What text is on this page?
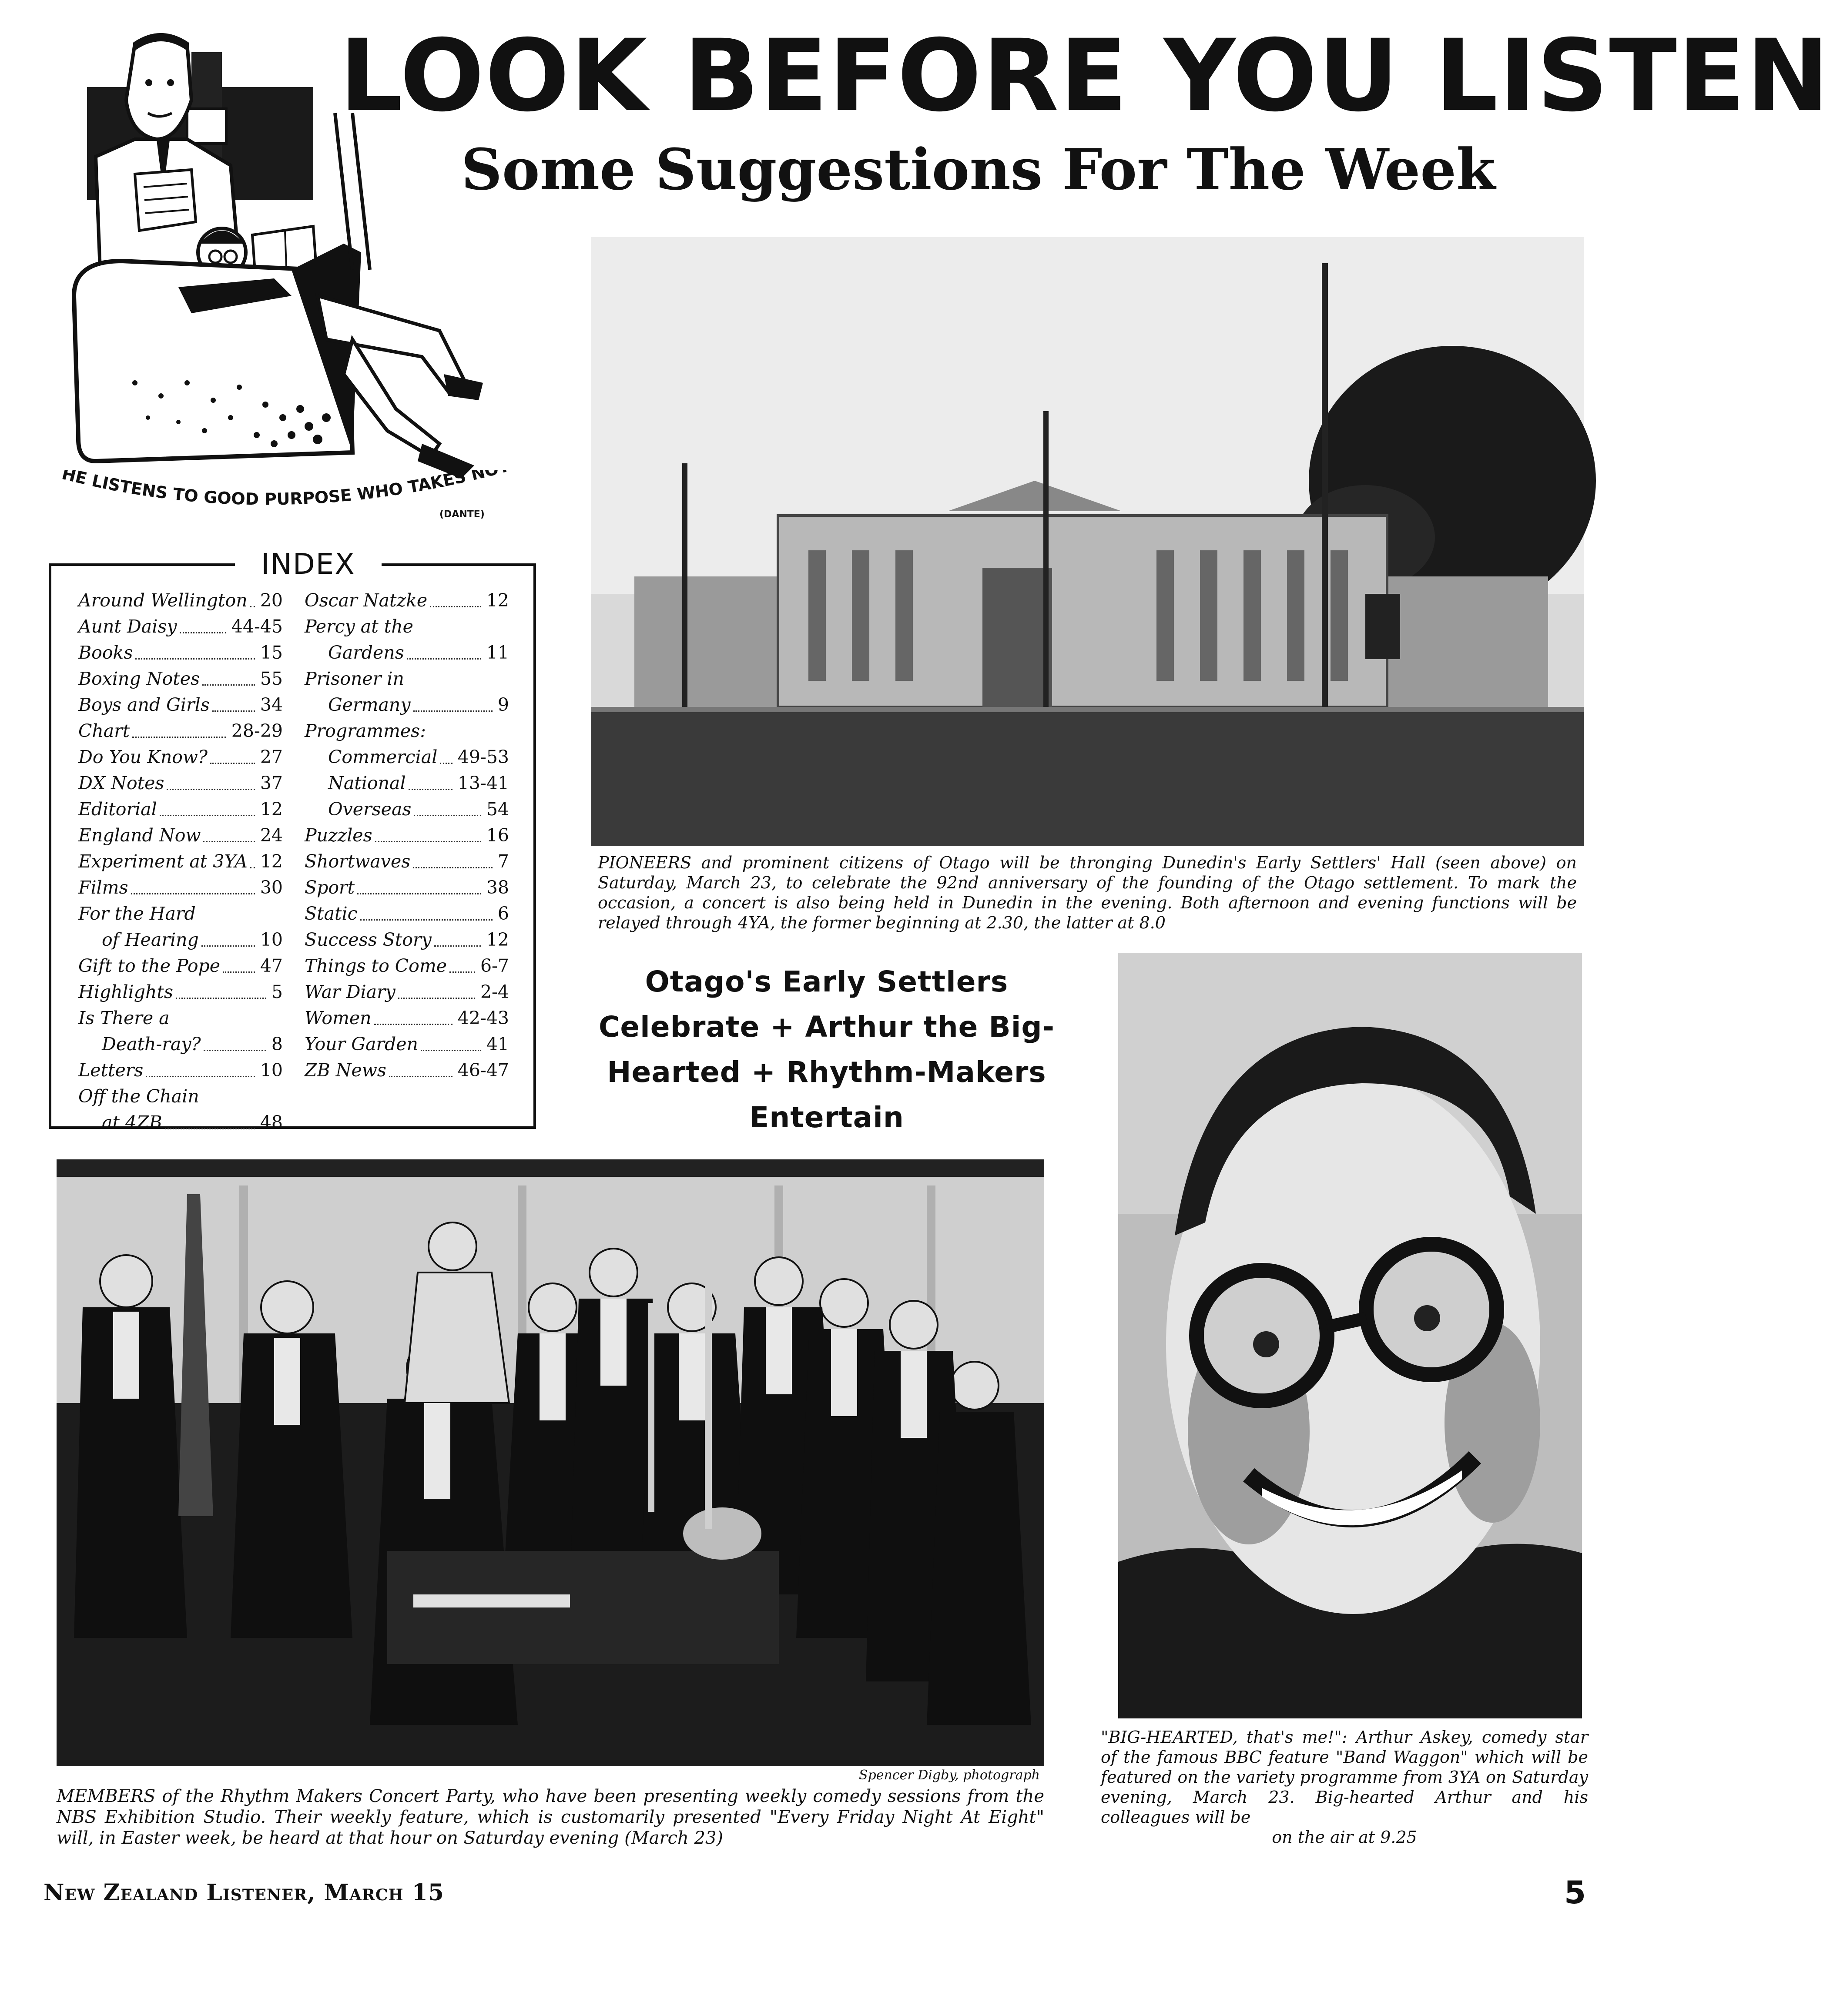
LOOK BEFORE YOU LISTEN
Some Suggestions For The Week
HE LISTENS TO GOOD PURPOSE WHO TAKES NO
(DANTE)
INDEX
Around Wellington 20
Aunt Daisy	44-45
Books	15
Boxing Notes	55
Boys and Girls	34
Chart	28-29
Do You Know?	27
DX Notes	37
Editorial	12
England Now	24
Experiment at 3YA 12
Films	30
For the Hard
of Hearing	10
Gift to the Pope 47
Highlights	5
Is There a
Death-ray?	8
Letters	10
Off the Chain
at 4ZB	48
Oscar Natzke	12
Percy at the
Gardens	11
Prisoner in
Germany	9
Programmes:
Commercial 49-53
National	13-41
Overseas	54
Puzzles	16
Shortwaves	7
Sport	38
Static	6
Success Story	12
Things to Come 6-7
War Diary	2-4
Women	42-43
Your Garden	41
ZB News	46-47
PIONEERS and prominent citizens of Otago will be thronging Dunedin's Early Settlers' Hall (seen above) on Saturday, March 23, to celebrate the 92nd anniversary of the founding of the Otago settlement. To mark the occasion, a concert is also being held in Dunedin in the evening. Both afternoon and evening functions will be relayed through 4YA, the former beginning at 2.30, the latter at 8.0
Otago's Early Settlers
Celebrate + Arthur the Big-
Hearted + Rhythm-Makers
Entertain
"BIG-HEARTED, that's me!": Arthur Askey, comedy star of the famous BBC feature "Band Waggon" which will be featured on the variety programme from 3YA on Saturday evening, March 23. Big-hearted Arthur and his colleagues will be
on the air at 9.25
Spencer Digby, photograph
MEMBERS of the Rhythm Makers Concert Party, who have been presenting weekly comedy sessions from the NBS Exhibition Studio. Their weekly feature, which is customarily presented "Every Friday Night At Eight" will, in Easter week, be heard at that hour on Saturday evening (March 23)
New Zealand Listener, March 15	5
